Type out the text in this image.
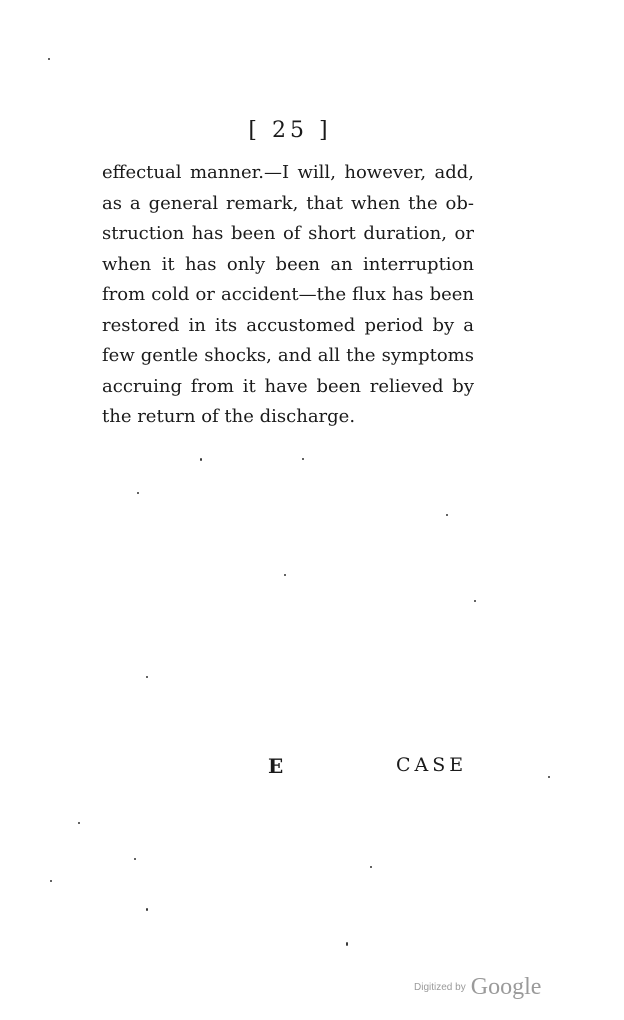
[ 25 ]
effectual manner.—I will, however, add,
as a general remark, that when the ob-
struction has been of short duration, or
when it has only been an interruption
from cold or accident—the flux has been
restored in its accustomed period by a
few gentle shocks, and all the symptoms
accruing from it have been relieved by
the return of the discharge.
E	CASE
Digitized by Google
